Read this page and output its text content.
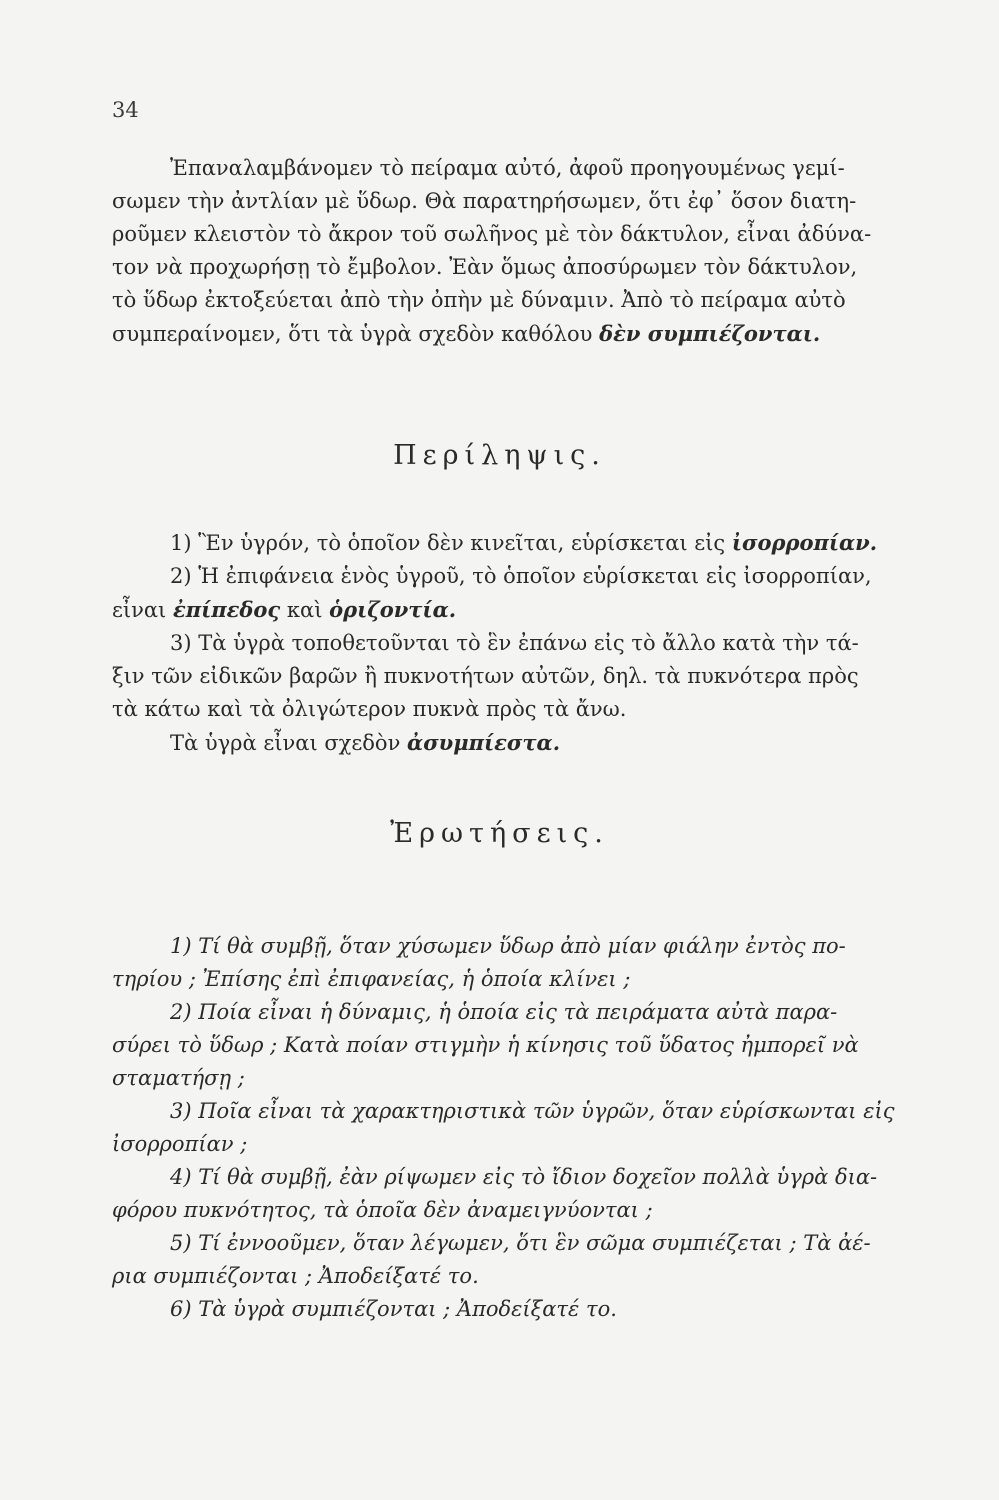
34

Ἐπαναλαμβάνομεν τὸ πείραμα αὐτό, ἀφοῦ προηγουμένως γεμί-

σωμεν τὴν ἀντλίαν μὲ ὕδωρ. Θὰ παρατηρήσωμεν, ὅτι ἐφ᾽ ὅσον διατη-

ροῦμεν κλειστὸν τὸ ἄκρον τοῦ σωλῆνος μὲ τὸν δάκτυλον, εἶναι ἀδύνα-

τον νὰ προχωρήσῃ τὸ ἔμβολον. Ἐὰν ὅμως ἀποσύρωμεν τὸν δάκτυλον,

τὸ ὕδωρ ἐκτοξεύεται ἀπὸ τὴν ὀπὴν μὲ δύναμιν. Ἀπὸ τὸ πείραμα αὐτὸ

συμπεραίνομεν, ὅτι τὰ ὑγρὰ σχεδὸν καθόλου δὲν συμπιέζονται.

Περίληψις.

1) Ἓν ὑγρόν, τὸ ὁποῖον δὲν κινεῖται, εὑρίσκεται εἰς ἰσορροπίαν.

2) Ἡ ἐπιφάνεια ἑνὸς ὑγροῦ, τὸ ὁποῖον εὑρίσκεται εἰς ἰσορροπίαν,

εἶναι ἐπίπεδος καὶ ὁριζοντία.

3) Τὰ ὑγρὰ τοποθετοῦνται τὸ ἓν ἐπάνω εἰς τὸ ἄλλο κατὰ τὴν τά-

ξιν τῶν εἰδικῶν βαρῶν ἢ πυκνοτήτων αὐτῶν, δηλ. τὰ πυκνότερα πρὸς

τὰ κάτω καὶ τὰ ὀλιγώτερον πυκνὰ πρὸς τὰ ἄνω.

Τὰ ὑγρὰ εἶναι σχεδὸν ἀσυμπίεστα.

Ἐρωτήσεις.

1) Τί θὰ συμβῇ, ὅταν χύσωμεν ὕδωρ ἀπὸ μίαν φιάλην ἐντὸς πο-

τηρίου ; Ἐπίσης ἐπὶ ἐπιφανείας, ἡ ὁποία κλίνει ;

2) Ποία εἶναι ἡ δύναμις, ἡ ὁποία εἰς τὰ πειράματα αὐτὰ παρα-

σύρει τὸ ὕδωρ ; Κατὰ ποίαν στιγμὴν ἡ κίνησις τοῦ ὕδατος ἠμπορεῖ νὰ

σταματήσῃ ;

3) Ποῖα εἶναι τὰ χαρακτηριστικὰ τῶν ὑγρῶν, ὅταν εὑρίσκωνται εἰς

ἰσορροπίαν ;

4) Τί θὰ συμβῇ, ἐὰν ρίψωμεν εἰς τὸ ἴδιον δοχεῖον πολλὰ ὑγρὰ δια-

φόρου πυκνότητος, τὰ ὁποῖα δὲν ἀναμειγνύονται ;

5) Τί ἐννοοῦμεν, ὅταν λέγωμεν, ὅτι ἓν σῶμα συμπιέζεται ; Τὰ ἀέ-

ρια συμπιέζονται ; Ἀποδείξατέ το.

6) Τὰ ὑγρὰ συμπιέζονται ; Ἀποδείξατέ το.
